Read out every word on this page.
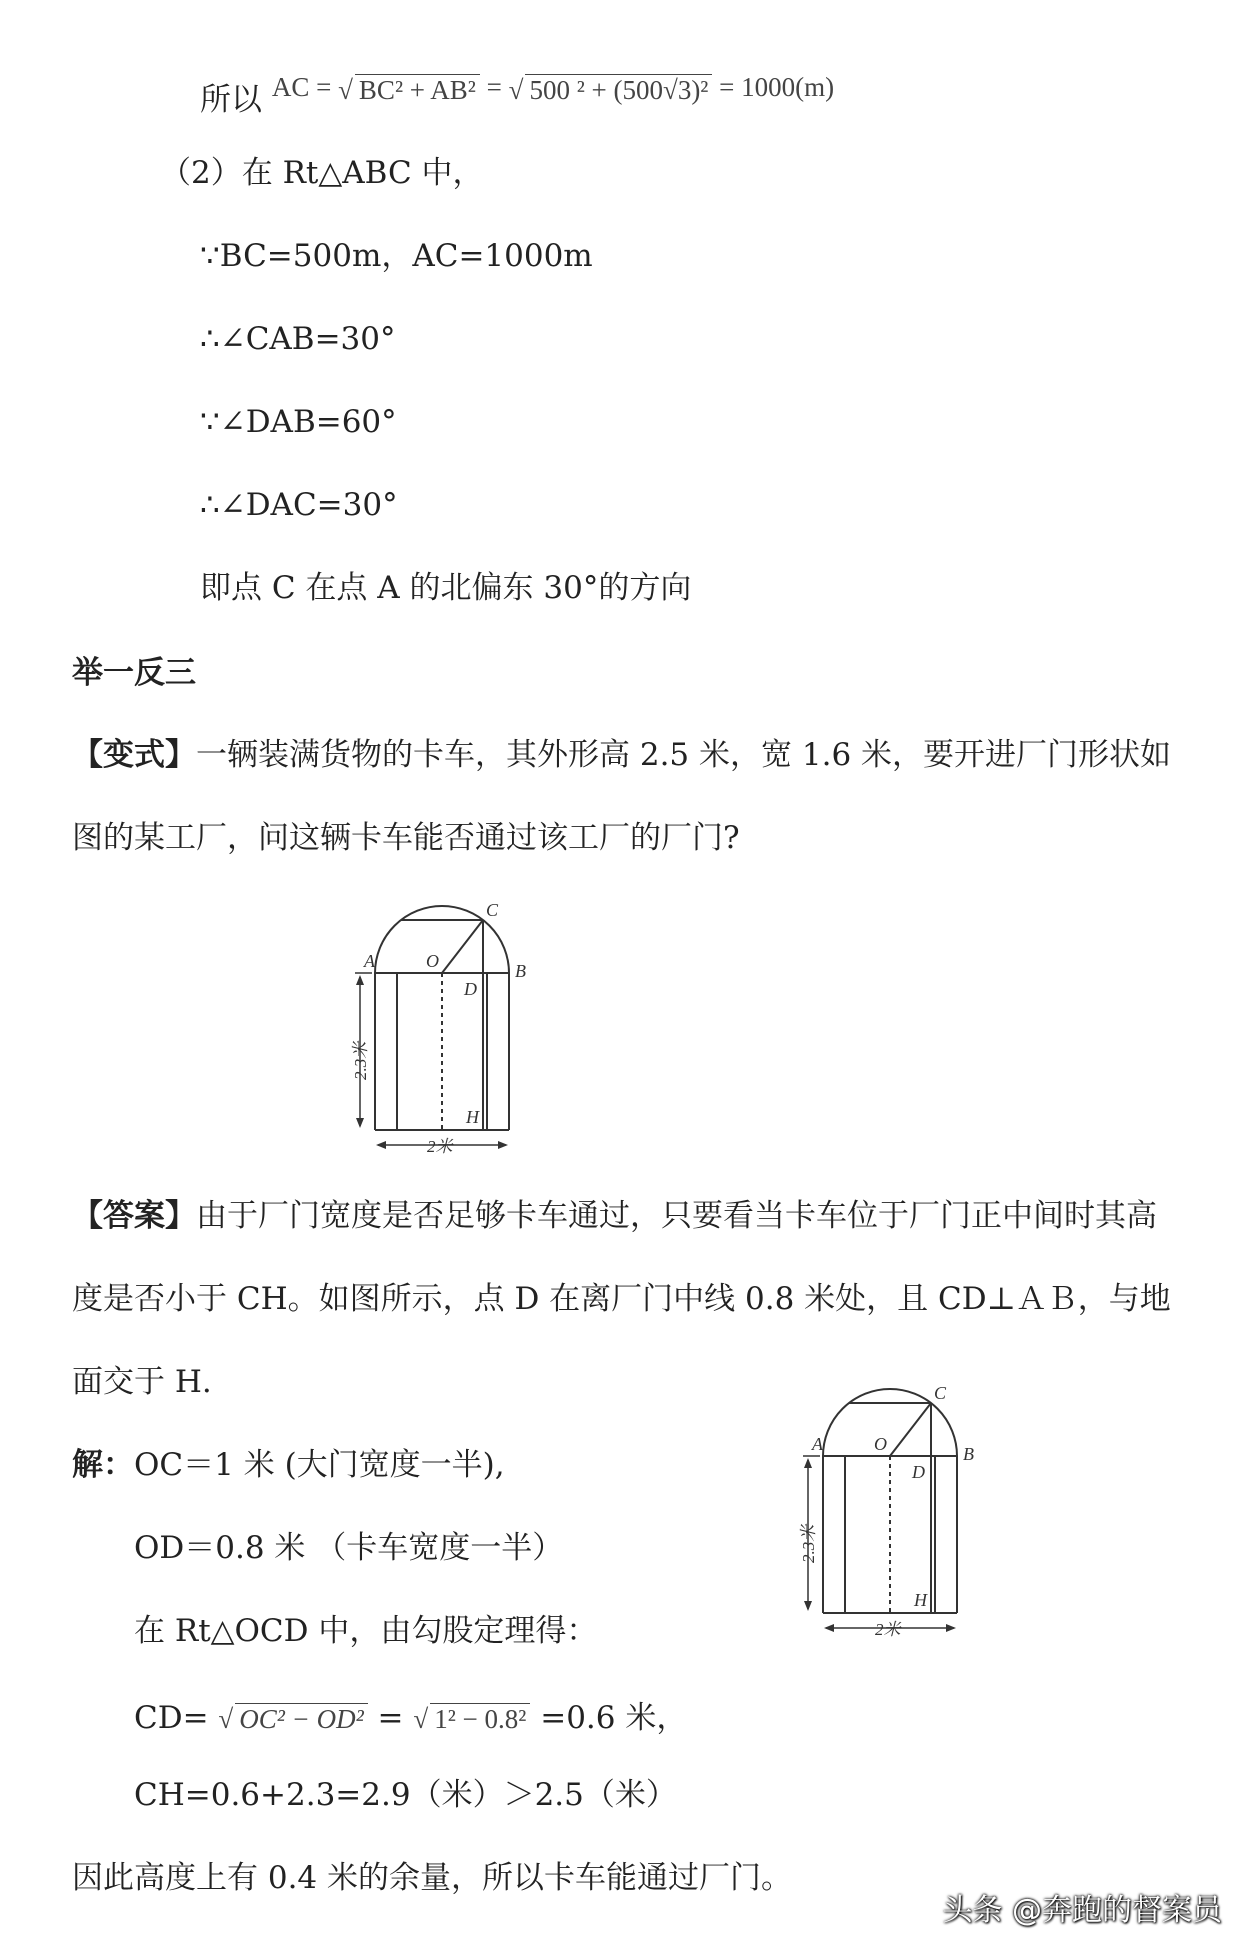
所以 AC = √ BC² + AB² = √ 500 ² + (500√3)² = 1000(m)
（2）在 Rt△ABC 中，
∵BC=500m，AC=1000m
∴∠CAB=30°
∵∠DAB=60°
∴∠DAC=30°
即点 C 在点 A 的北偏东 30°的方向
举一反三
【变式】一辆装满货物的卡车，其外形高 2.5 米，宽 1.6 米，要开进厂门形状如
图的某工厂，问这辆卡车能否通过该工厂的厂门?
A	B
C
D
O
H
2.3米
2米
【答案】由于厂门宽度是否足够卡车通过，只要看当卡车位于厂门正中间时其高
度是否小于 CH。如图所示，点 D 在离厂门中线 0.8 米处，且 CD⊥ＡＢ，与地
面交于 H.
A	B
C
D
O
H
2.3米
2米
解：OC＝1 米 (大门宽度一半),
OD＝0.8 米 （卡车宽度一半）
在 Rt△OCD 中，由勾股定理得：
CD= √ OC² − OD² = √ 1² − 0.8² =0.6 米，
CH=0.6+2.3=2.9（米）＞2.5（米）
因此高度上有 0.4 米的余量，所以卡车能通过厂门。
头条 @奔跑的督案员
